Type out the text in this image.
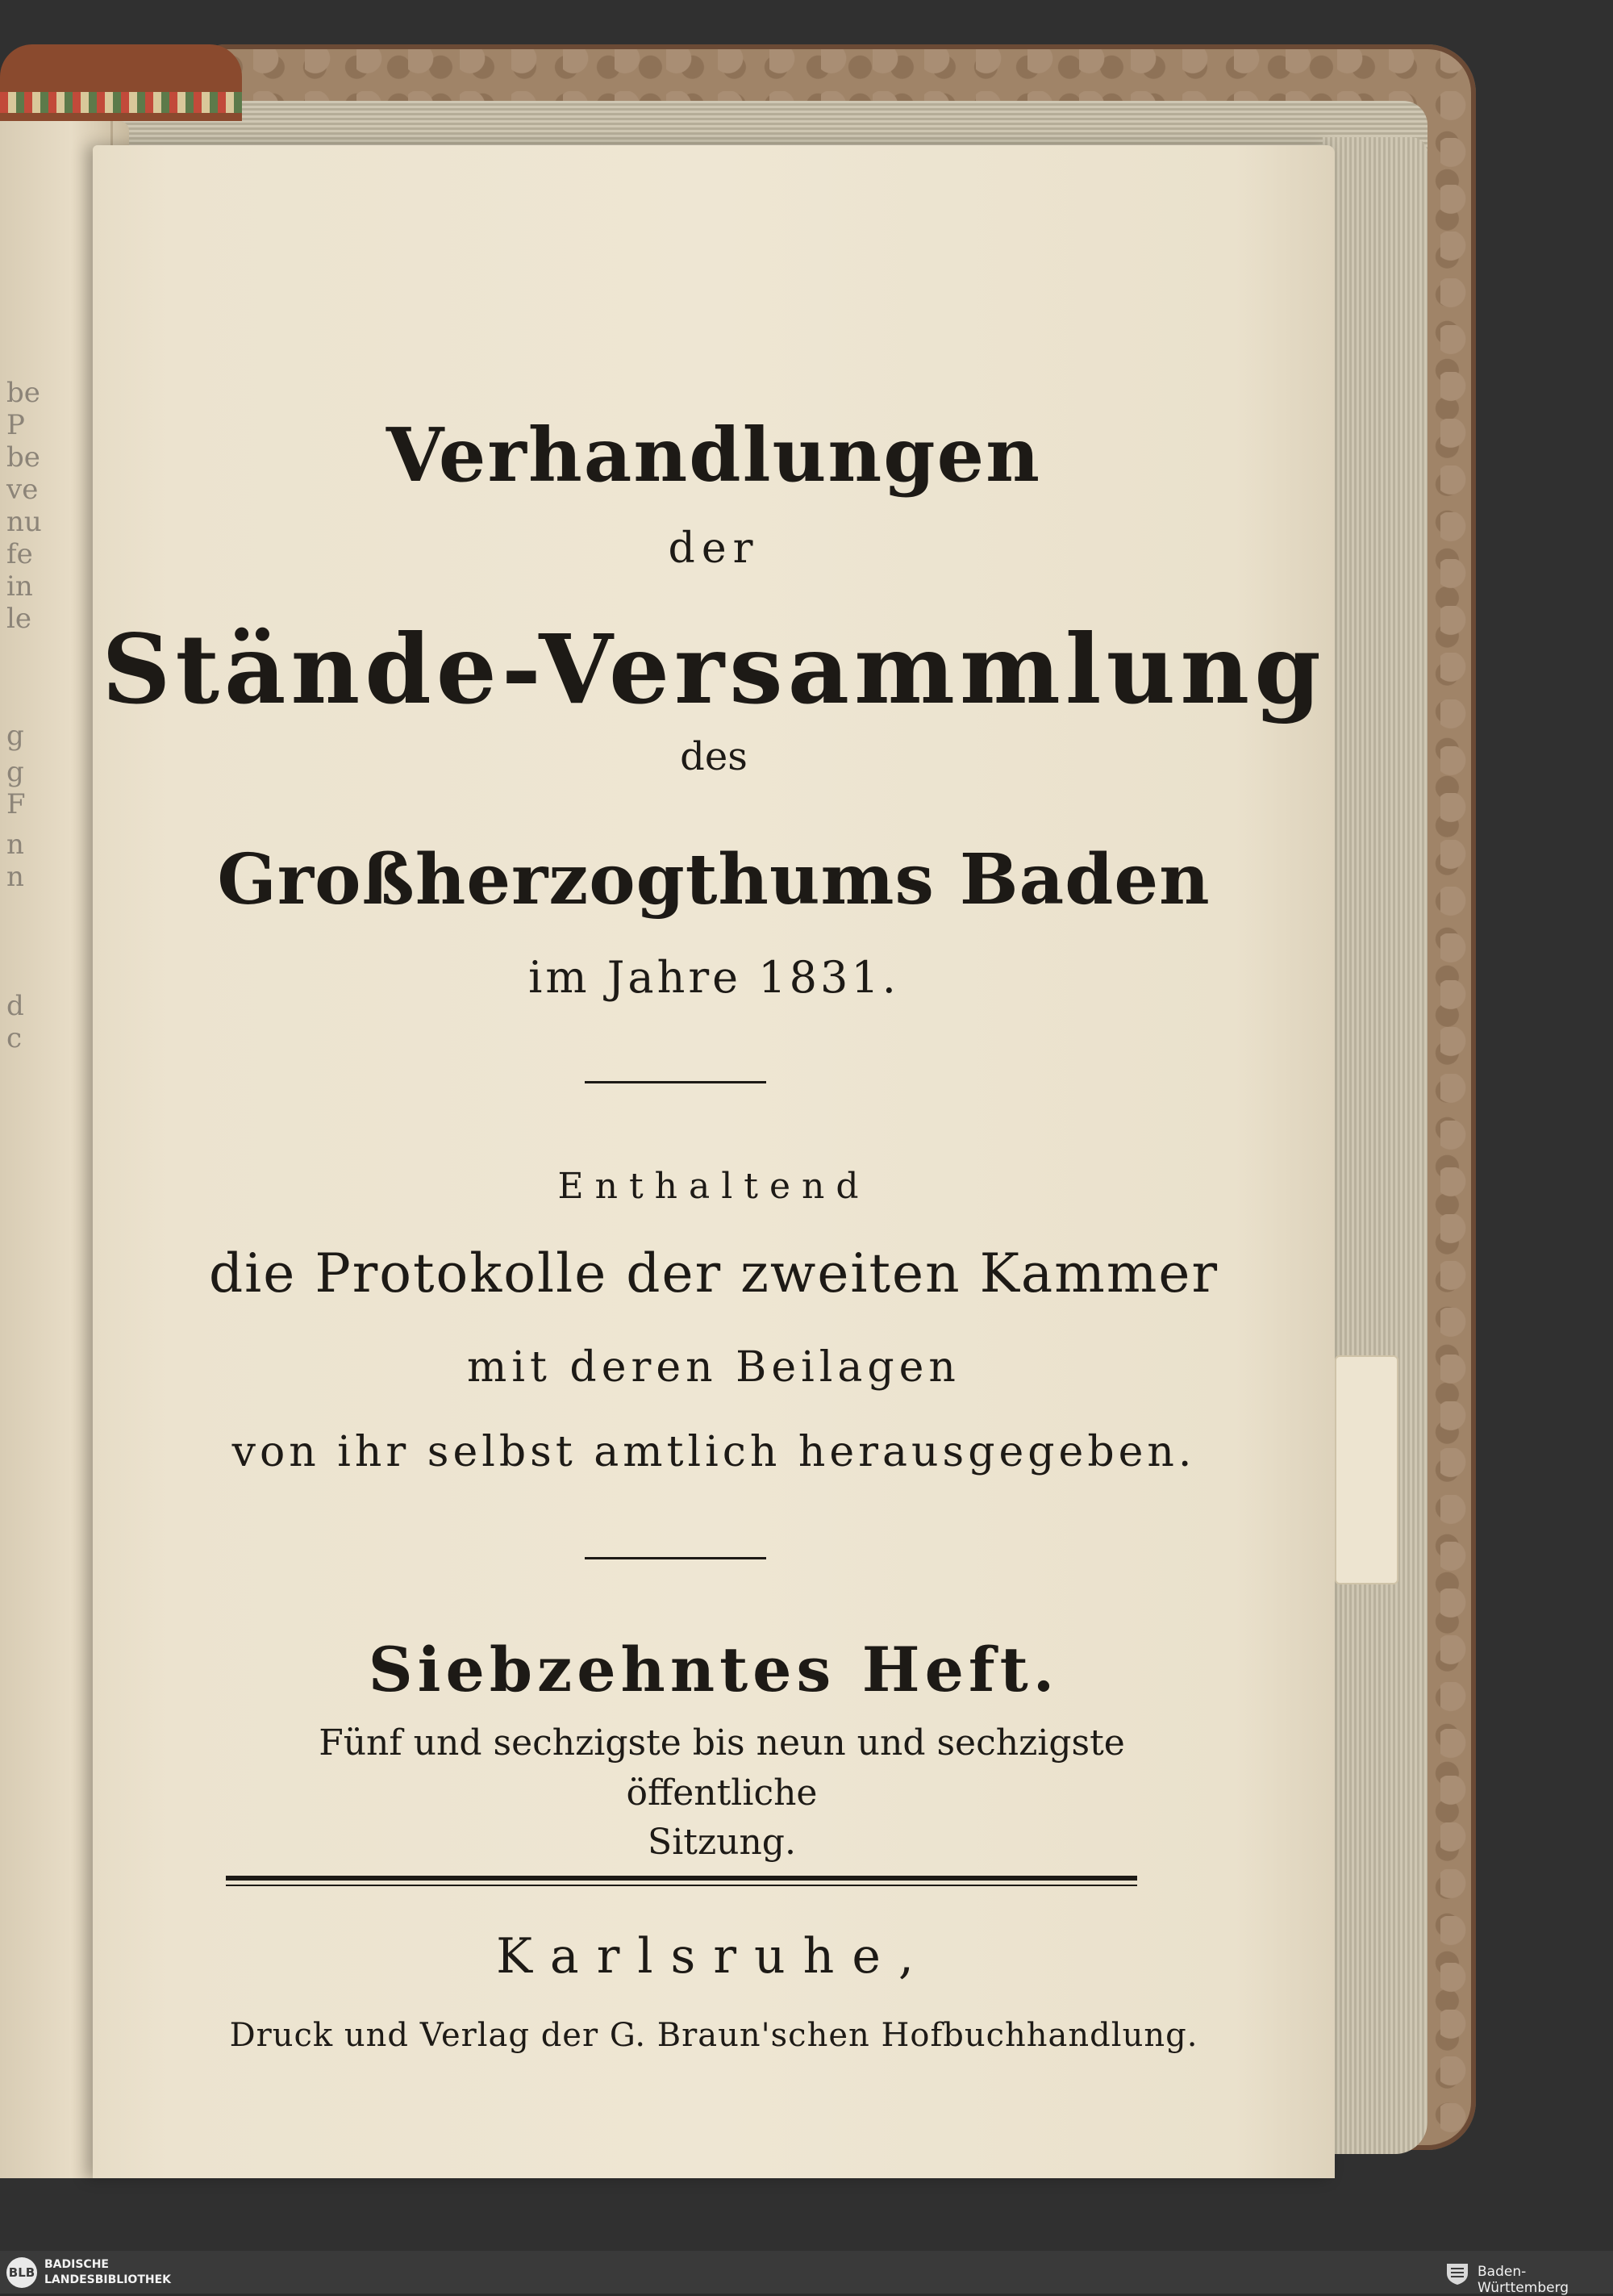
be
P
be
ve
nu
fe
in
le
g
g
F
n
n
d
c
Verhandlungen
der
Stände-Versammlung
des
Großherzogthums Baden
im Jahre 1831.
Enthaltend
die Protokolle der zweiten Kammer
mit deren Beilagen
von ihr selbst amtlich herausgegeben.
Siebzehntes Heft.
Fünf und sechzigste bis neun und sechzigste öffentliche
Sitzung.
Karlsruhe,
Druck und Verlag der G. Braun'schen Hofbuchhandlung.
BLB
BADISCHE
LANDESBIBLIOTHEK	Baden-Württemberg
